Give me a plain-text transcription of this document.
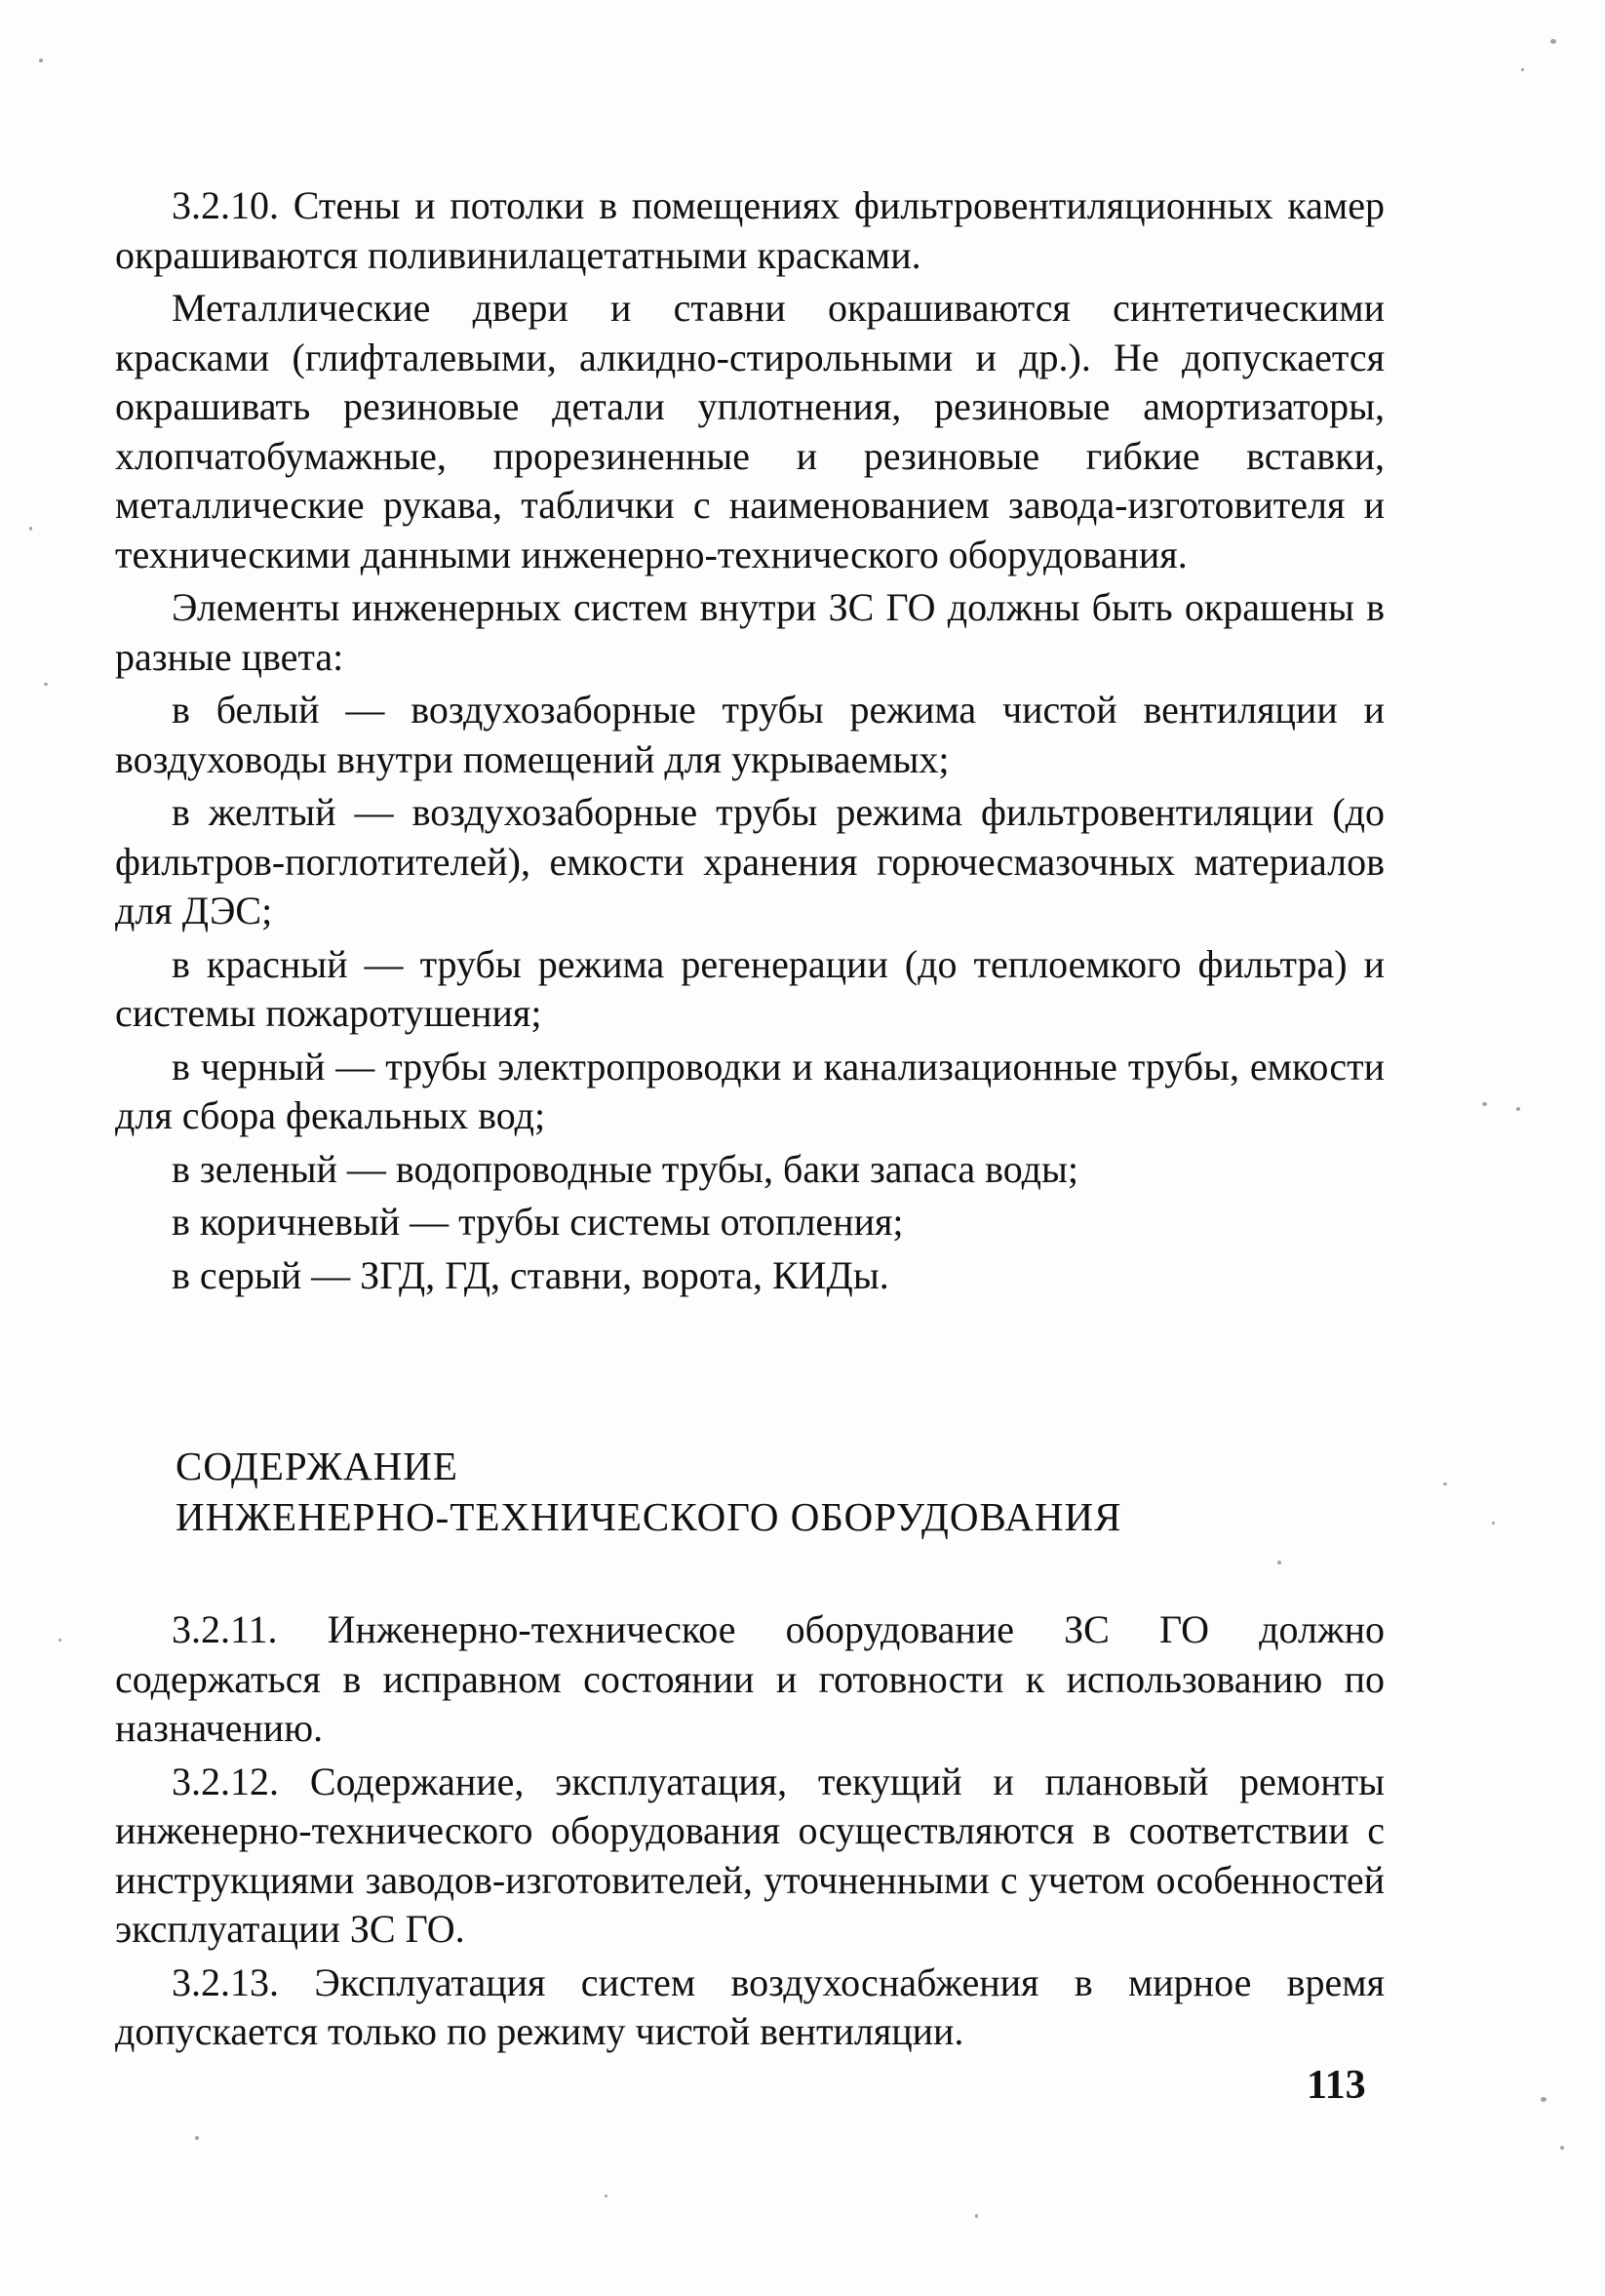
3.2.10. Стены и потолки в помещениях фильтровентиляционных камер окрашиваются поливинилацетатными красками.

Металлические двери и ставни окрашиваются синтетическими красками (глифталевыми, алкидно-стирольными и др.). Не допускается окрашивать резиновые детали уплотнения, резиновые амортизаторы, хлопчатобумажные, прорезиненные и резиновые гибкие вставки, металлические рукава, таблички с наименованием завода-изготовителя и техническими данными инженерно-технического оборудования.

Элементы инженерных систем внутри ЗС ГО должны быть окрашены в разные цвета:

в белый — воздухозаборные трубы режима чистой вентиляции и воздуховоды внутри помещений для укрываемых;

в желтый — воздухозаборные трубы режима фильтровентиляции (до фильтров-поглотителей), емкости хранения горючесмазочных материалов для ДЭС;

в красный — трубы режима регенерации (до теплоемкого фильтра) и системы пожаротушения;

в черный — трубы электропроводки и канализационные трубы, емкости для сбора фекальных вод;

в зеленый — водопроводные трубы, баки запаса воды;

в коричневый — трубы системы отопления;

в серый — ЗГД, ГД, ставни, ворота, КИДы.

СОДЕРЖАНИЕ
ИНЖЕНЕРНО-ТЕХНИЧЕСКОГО ОБОРУДОВАНИЯ

3.2.11. Инженерно-техническое оборудование ЗС ГО должно содержаться в исправном состоянии и готовности к использованию по назначению.

3.2.12. Содержание, эксплуатация, текущий и плановый ремонты инженерно-технического оборудования осуществляются в соответствии с инструкциями заводов-изготовителей, уточненными с учетом особенностей эксплуатации ЗС ГО.

3.2.13. Эксплуатация систем воздухоснабжения в мирное время допускается только по режиму чистой вентиляции.

113
